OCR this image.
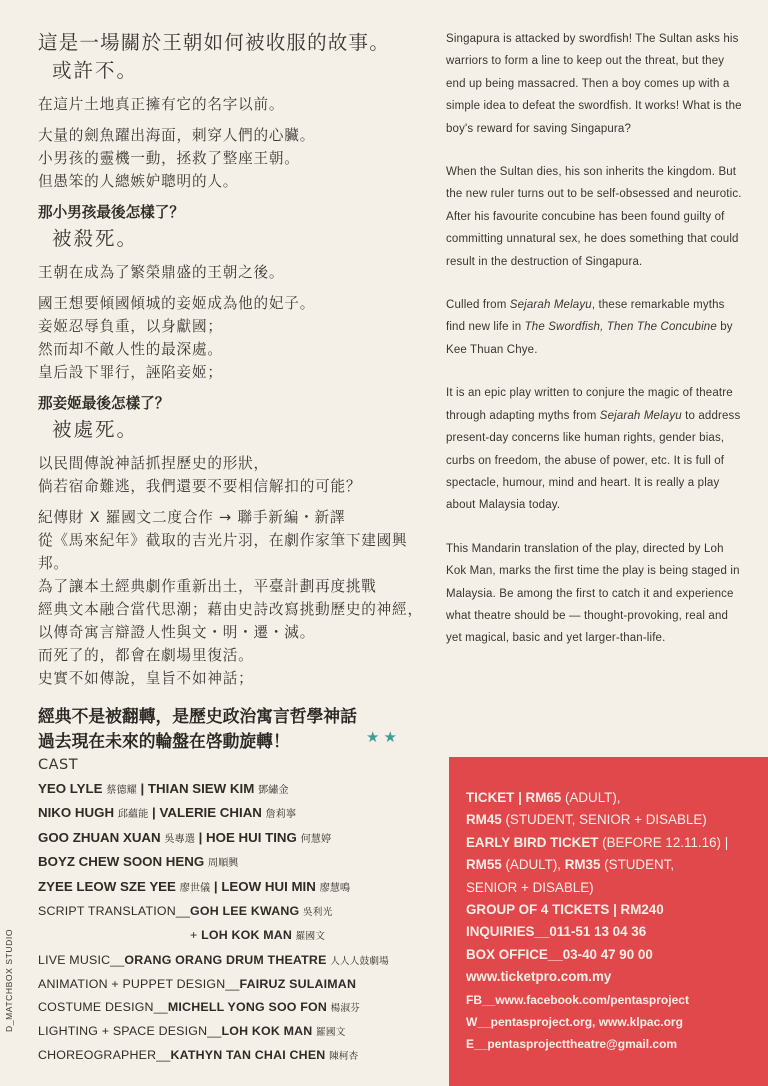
這是一場關於王朝如何被收服的故事。

或許不。

在這片土地真正擁有它的名字以前。

大量的劍魚躍出海面，刺穿人們的心臟。

小男孩的靈機一動，拯救了整座王朝。

但愚笨的人總嫉妒聰明的人。

那小男孩最後怎樣了？

被殺死。

王朝在成為了繁榮鼎盛的王朝之後。

國王想要傾國傾城的妾姬成為他的妃子。

妾姬忍辱負重，以身獻國；

然而却不敵人性的最深處。

皇后設下罪行，誣陷妾姬；

那妾姬最後怎樣了？

被處死。

以民間傳說神話抓捏歷史的形狀，

倘若宿命難逃，我們還要不要相信解扣的可能？

紀傳財 X 羅國文二度合作 → 聯手新編・新譯

從《馬來紀年》截取的吉光片羽，在劇作家筆下建國興邦。

為了讓本土經典劇作重新出土，平臺計劃再度挑戰

經典文本融合當代思潮；藉由史詩改寫挑動歷史的神經，

以傳奇寓言辯證人性與文・明・遷・滅。

而死了的，都會在劇場里復活。

史實不如傳說，皇旨不如神話；

經典不是被翻轉，是歷史政治寓言哲學神話

過去現在未來的輪盤在啓動旋轉！	★★

CAST

YEO LYLE 蔡德耀 | THIAN SIEW KIM 鄧繡金

NIKO HUGH 邱蘊能 | VALERIE CHIAN 詹莉寧

GOO ZHUAN XUAN 吳專選 | HOE HUI TING 何慧婷

BOYZ CHEW SOON HENG 周順興

ZYEE LEOW SZE YEE 廖世儀 | LEOW HUI MIN 廖慧鳴

SCRIPT TRANSLATION__GOH LEE KWANG 吳利光

+ LOH KOK MAN 羅國文

LIVE MUSIC__ORANG ORANG DRUM THEATRE 人人人鼓劇場

ANIMATION + PUPPET DESIGN__FAIRUZ SULAIMAN

COSTUME DESIGN__MICHELL YONG SOO FON 楊淑芬

LIGHTING + SPACE DESIGN__LOH KOK MAN 羅國文

CHOREOGRAPHER__KATHYN TAN CHAI CHEN 陳柯杏

D_MATCHBOX STUDIO

Singapura is attacked by swordfish! The Sultan asks his warriors to form a line to keep out the threat, but they end up being massacred. Then a boy comes up with a simple idea to defeat the swordfish. It works! What is the boy's reward for saving Singapura?

When the Sultan dies, his son inherits the kingdom. But the new ruler turns out to be self-obsessed and neurotic. After his favourite concubine has been found guilty of committing unnatural sex, he does something that could result in the destruction of Singapura.

Culled from Sejarah Melayu, these remarkable myths find new life in The Swordfish, Then The Concubine by Kee Thuan Chye.

It is an epic play written to conjure the magic of theatre through adapting myths from Sejarah Melayu to address present-day concerns like human rights, gender bias, curbs on freedom, the abuse of power, etc. It is full of spectacle, humour, mind and heart. It is really a play about Malaysia today.

This Mandarin translation of the play, directed by Loh Kok Man, marks the first time the play is being staged in Malaysia. Be among the first to catch it and experience what theatre should be — thought-provoking, real and yet magical, basic and yet larger-than-life.

TICKET | RM65 (ADULT),

RM45 (STUDENT, SENIOR + DISABLE)

EARLY BIRD TICKET (BEFORE 12.11.16) |

RM55 (ADULT), RM35 (STUDENT,

SENIOR + DISABLE)

GROUP OF 4 TICKETS | RM240

INQUIRIES__011-51 13 04 36

BOX OFFICE__03-40 47 90 00

www.ticketpro.com.my

FB__www.facebook.com/pentasproject

W__pentasproject.org, www.klpac.org

E__pentasprojecttheatre@gmail.com
